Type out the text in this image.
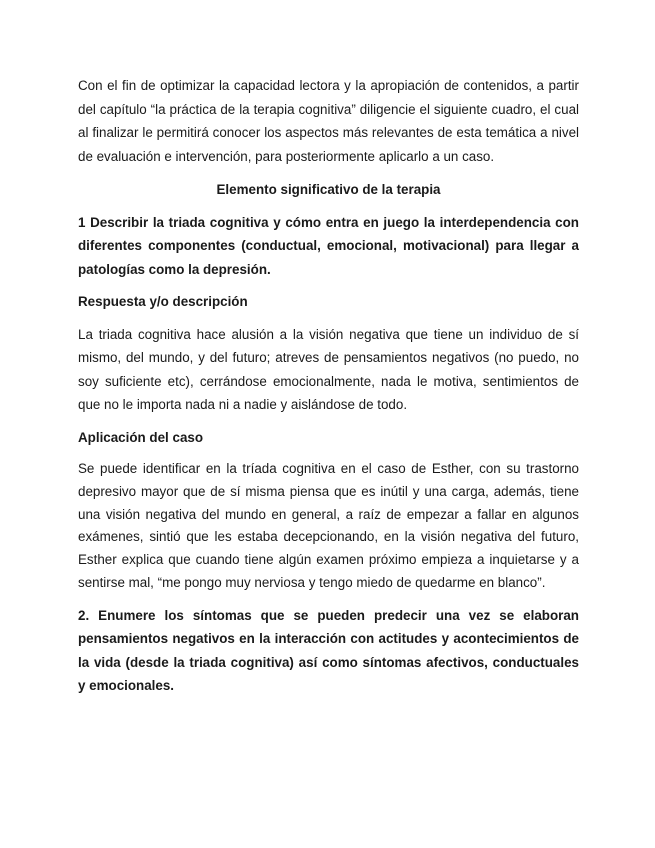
Con el fin de optimizar la capacidad lectora y la apropiación de contenidos, a partir del capítulo “la práctica de la terapia cognitiva” diligencie el siguiente cuadro, el cual al finalizar le permitirá conocer los aspectos más relevantes de esta temática a nivel de evaluación e intervención, para posteriormente aplicarlo a un caso.

Elemento significativo de la terapia

1 Describir la triada cognitiva y cómo entra en juego la interdependencia con diferentes componentes (conductual, emocional, motivacional) para llegar a patologías como la depresión.

Respuesta y/o descripción

La triada cognitiva hace alusión a la visión negativa que tiene un individuo de sí mismo, del mundo, y del futuro; atreves de pensamientos negativos (no puedo, no soy suficiente etc), cerrándose emocionalmente, nada le motiva, sentimientos de que no le importa nada ni a nadie y aislándose de todo.

Aplicación del caso

Se puede identificar en la tríada cognitiva en el caso de Esther, con su trastorno depresivo mayor que de sí misma piensa que es inútil y una carga, además, tiene una visión negativa del mundo en general, a raíz de empezar a fallar en algunos exámenes, sintió que les estaba decepcionando, en la visión negativa del futuro, Esther explica que cuando tiene algún examen próximo empieza a inquietarse y a sentirse mal, “me pongo muy nerviosa y tengo miedo de quedarme en blanco”.

2. Enumere los síntomas que se pueden predecir una vez se elaboran pensamientos negativos en la interacción con actitudes y acontecimientos de la vida (desde la triada cognitiva) así como síntomas afectivos, conductuales y emocionales.
